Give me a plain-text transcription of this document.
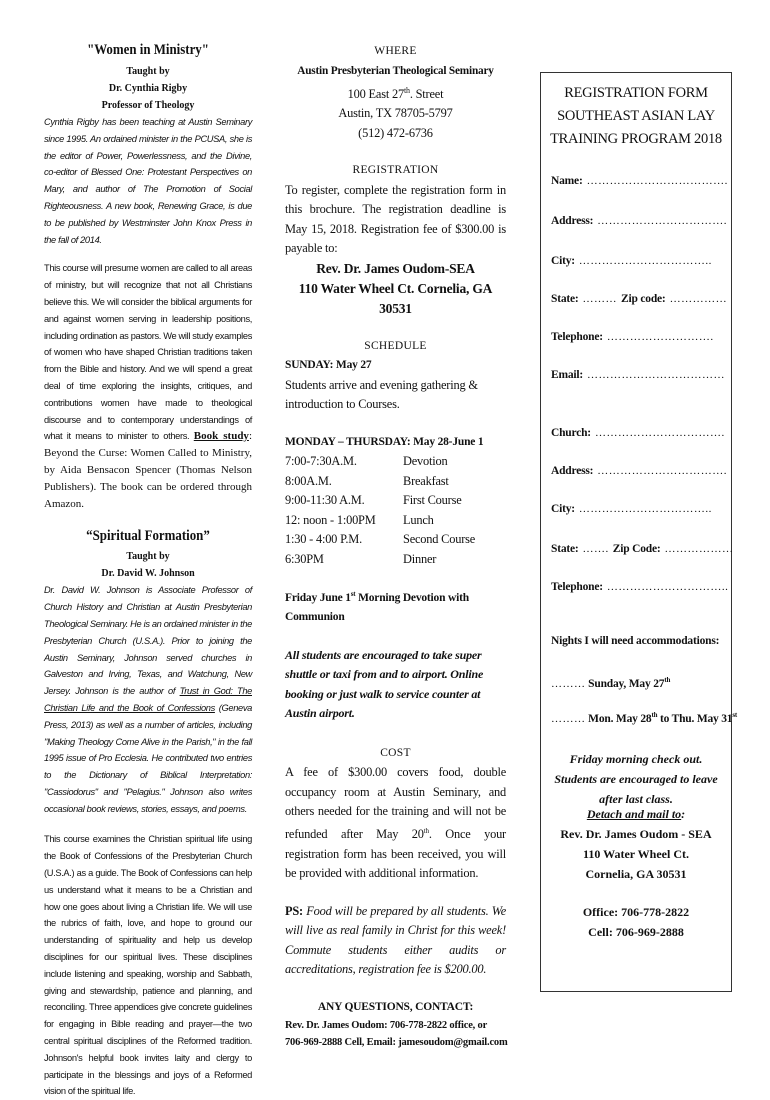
"Women in Ministry"
Taught by
Dr. Cynthia Rigby
Professor of Theology

Cynthia Rigby has been teaching at Austin Seminary since 1995. An ordained minister in the PCUSA, she is the editor of Power, Powerlessness, and the Divine, co-editor of Blessed One: Protestant Perspectives on Mary, and author of The Promotion of Social Righteousness. A new book, Renewing Grace, is due to be published by Westminster John Knox Press in the fall of 2014.

This course will presume women are called to all areas of ministry, but will recognize that not all Christians believe this. We will consider the biblical arguments for and against women serving in leadership positions, including ordination as pastors. We will study examples of women who have shaped Christian traditions taken from the Bible and history. And we will spend a great deal of time exploring the insights, critiques, and contributions women have made to theological discourse and to contemporary understandings of what it means to minister to others. Book study: Beyond the Curse: Women Called to Ministry, by Aida Bensacon Spencer (Thomas Nelson Publishers). The book can be ordered through Amazon.

“Spiritual Formation”
Taught by
Dr. David W. Johnson

Dr. David W. Johnson is Associate Professor of Church History and Christian at Austin Presbyterian Theological Seminary. He is an ordained minister in the Presbyterian Church (U.S.A.). Prior to joining the Austin Seminary, Johnson served churches in Galveston and Irving, Texas, and Watchung, New Jersey. Johnson is the author of Trust in God: The Christian Life and the Book of Confessions (Geneva Press, 2013) as well as a number of articles, including "Making Theology Come Alive in the Parish," in the fall 1995 issue of Pro Ecclesia. He contributed two entries to the Dictionary of Biblical Interpretation: "Cassiodorus" and "Pelagius." Johnson also writes occasional book reviews, stories, essays, and poems.

This course examines the Christian spiritual life using the Book of Confessions of the Presbyterian Church (U.S.A.) as a guide. The Book of Confessions can help us understand what it means to be a Christian and how one goes about living a Christian life. We will use the rubrics of faith, love, and hope to ground our understanding of spirituality and help us develop disciplines for our spiritual lives. These disciplines include listening and speaking, worship and Sabbath, giving and stewardship, patience and planning, and reconciling. Three appendices give concrete guidelines for engaging in Bible reading and prayer—the two central spiritual disciplines of the Reformed tradition. Johnson's helpful book invites laity and clergy to participate in the blessings and joys of a Reformed vision of the spiritual life.

WHERE
Austin Presbyterian Theological Seminary
100 East 27th. Street
Austin, TX 78705-5797
(512) 472-6736
REGISTRATION
To register, complete the registration form in this brochure. The registration deadline is May 15, 2018. Registration fee of $300.00 is payable to:
Rev. Dr. James Oudom-SEA
110 Water Wheel Ct. Cornelia, GA 30531
SCHEDULE
SUNDAY: May 27
Students arrive and evening gathering & introduction to Courses.
MONDAY – THURSDAY: May 28-June 1
7:00-7:30A.M.	Devotion
8:00A.M.	Breakfast
9:00-11:30 A.M.	First Course
12: noon - 1:00PM	Lunch
1:30 - 4:00 P.M.	Second Course
6:30PM	Dinner
Friday June 1st Morning Devotion with Communion
All students are encouraged to take super shuttle or taxi from and to airport. Online booking or just walk to service counter at Austin airport.
COST
A fee of $300.00 covers food, double occupancy room at Austin Seminary, and others needed for the training and will not be refunded after May 20th. Once your registration form has been received, you will be provided with additional information.
PS: Food will be prepared by all students. We will live as real family in Christ for this week! Commute students either audits or accreditations, registration fee is $200.00.
ANY QUESTIONS, CONTACT:
Rev. Dr. James Oudom: 706-778-2822 office, or
706-969-2888 Cell, Email: jamesoudom@gmail.com
REGISTRATION FORM
SOUTHEAST ASIAN LAY
TRAINING PROGRAM 2018
Name: ……………………………….
Address: …………………………….
City: ……………………………..
State: ……… Zip code: ……………
Telephone: ……………………….
Email: ………………………………
Church: …………………………….
Address: …………………………….
City: ……………………………..
State: ……. Zip Code: ………………
Telephone: …………………………..
Nights I will need accommodations:
……… Sunday, May 27th
……… Mon. May 28th to Thu. May 31st
Friday morning check out. Students are encouraged to leave after last class.
Detach and mail to:
Rev. Dr. James Oudom - SEA
110 Water Wheel Ct.
Cornelia, GA 30531
Office: 706-778-2822
Cell: 706-969-2888
